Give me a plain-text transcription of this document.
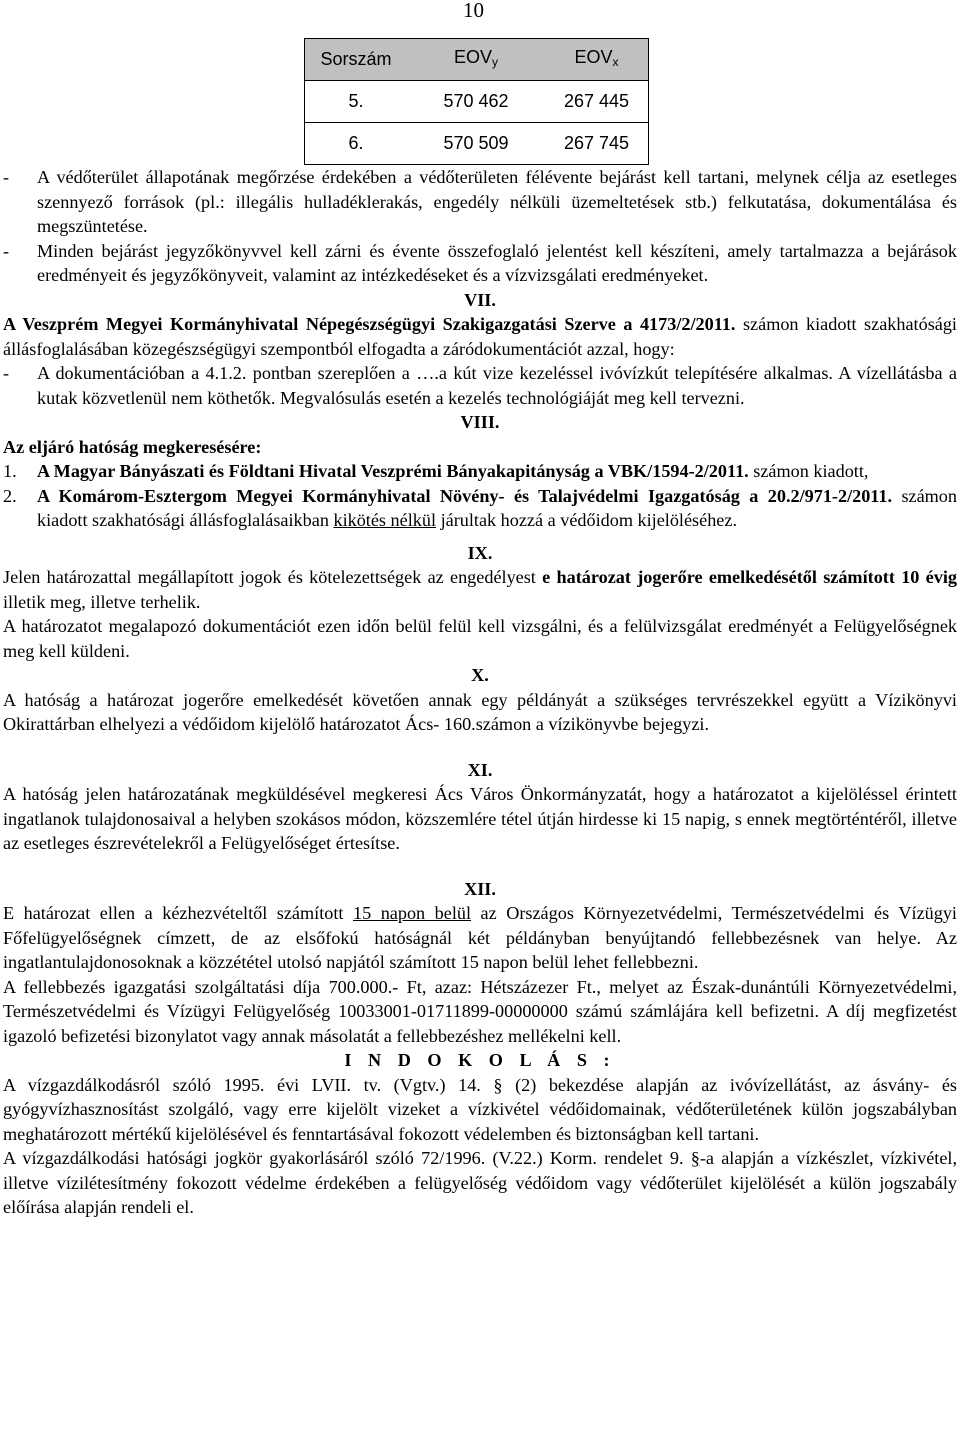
10
Sorszám	$EOV_y$	$EOV_x$
5.	570 462	267 445
6.	570 509	267 745

- A védőterület állapotának megőrzése érdekében a védőterületen félévente bejárást kell tartani, melynek célja az esetleges szennyező források (pl.: illegális hulladéklerakás, engedély nélküli üzemeltetések stb.) felkutatása, dokumentálása és megszüntetése.

- Minden bejárást jegyzőkönyvvel kell zárni és évente összefoglaló jelentést kell készíteni, amely tartalmazza a bejárások eredményeit és jegyzőkönyveit, valamint az intézkedéseket és a vízvizsgálati eredményeket.

VII.

A Veszprém Megyei Kormányhivatal Népegészségügyi Szakigazgatási Szerve a 4173/2/2011. számon kiadott szakhatósági állásfoglalásában közegészségügyi szempontból elfogadta a záródokumentációt azzal, hogy:

- A dokumentációban a 4.1.2. pontban szereplően a ….a kút vize kezeléssel ivóvízkút telepítésére alkalmas. A vízellátásba a kutak közvetlenül nem köthetők. Megvalósulás esetén a kezelés technológiáját meg kell tervezni.

VIII.

Az eljáró hatóság megkeresésére:

1. A Magyar Bányászati és Földtani Hivatal Veszprémi Bányakapitányság a VBK/1594-2/2011. számon kiadott,

2. A Komárom-Esztergom Megyei Kormányhivatal Növény- és Talajvédelmi Igazgatóság a 20.2/971-2/2011. számon kiadott szakhatósági állásfoglalásaikban kikötés nélkül járultak hozzá a védőidom kijelöléséhez.

IX.

Jelen határozattal megállapított jogok és kötelezettségek az engedélyest e határozat jogerőre emelkedésétől számított 10 évig illetik meg, illetve terhelik.

A határozatot megalapozó dokumentációt ezen időn belül felül kell vizsgálni, és a felülvizsgálat eredményét a Felügyelőségnek meg kell küldeni.

X.

A hatóság a határozat jogerőre emelkedését követően annak egy példányát a szükséges tervrészekkel együtt a Vízikönyvi Okirattárban elhelyezi a védőidom kijelölő határozatot Ács- 160.számon a vízikönyvbe bejegyzi.

XI.

A hatóság jelen határozatának megküldésével megkeresi Ács Város Önkormányzatát, hogy a határozatot a kijelöléssel érintett ingatlanok tulajdonosaival a helyben szokásos módon, közszemlére tétel útján hirdesse ki 15 napig, s ennek megtörténtéről, illetve az esetleges észrevételekről a Felügyelőséget értesítse.

XII.

E határozat ellen a kézhezvételtől számított 15 napon belül az Országos Környezetvédelmi, Természetvédelmi és Vízügyi Főfelügyelőségnek címzett, de az elsőfokú hatóságnál két példányban benyújtandó fellebbezésnek van helye. Az ingatlantulajdonosoknak a közzététel utolsó napjától számított 15 napon belül lehet fellebbezni.

A fellebbezés igazgatási szolgáltatási díja 700.000.- Ft, azaz: Hétszázezer Ft., melyet az Észak-dunántúli Környezetvédelmi, Természetvédelmi és Vízügyi Felügyelőség 10033001-01711899-00000000 számú számlájára kell befizetni. A díj megfizetést igazoló befizetési bizonylatot vagy annak másolatát a fellebbezéshez mellékelni kell.

I N D O K O L Á S :

A vízgazdálkodásról szóló 1995. évi LVII. tv. (Vgtv.) 14. § (2) bekezdése alapján az ivóvízellátást, az ásvány- és gyógyvízhasznosítást szolgáló, vagy erre kijelölt vizeket a vízkivétel védőidomainak, védőterületének külön jogszabályban meghatározott mértékű kijelölésével és fenntartásával fokozott védelemben és biztonságban kell tartani.

A vízgazdálkodási hatósági jogkör gyakorlásáról szóló 72/1996. (V.22.) Korm. rendelet 9. §-a alapján a vízkészlet, vízkivétel, illetve vízilétesítmény fokozott védelme érdekében a felügyelőség védőidom vagy védőterület kijelölését a külön jogszabály előírása alapján rendeli el.
